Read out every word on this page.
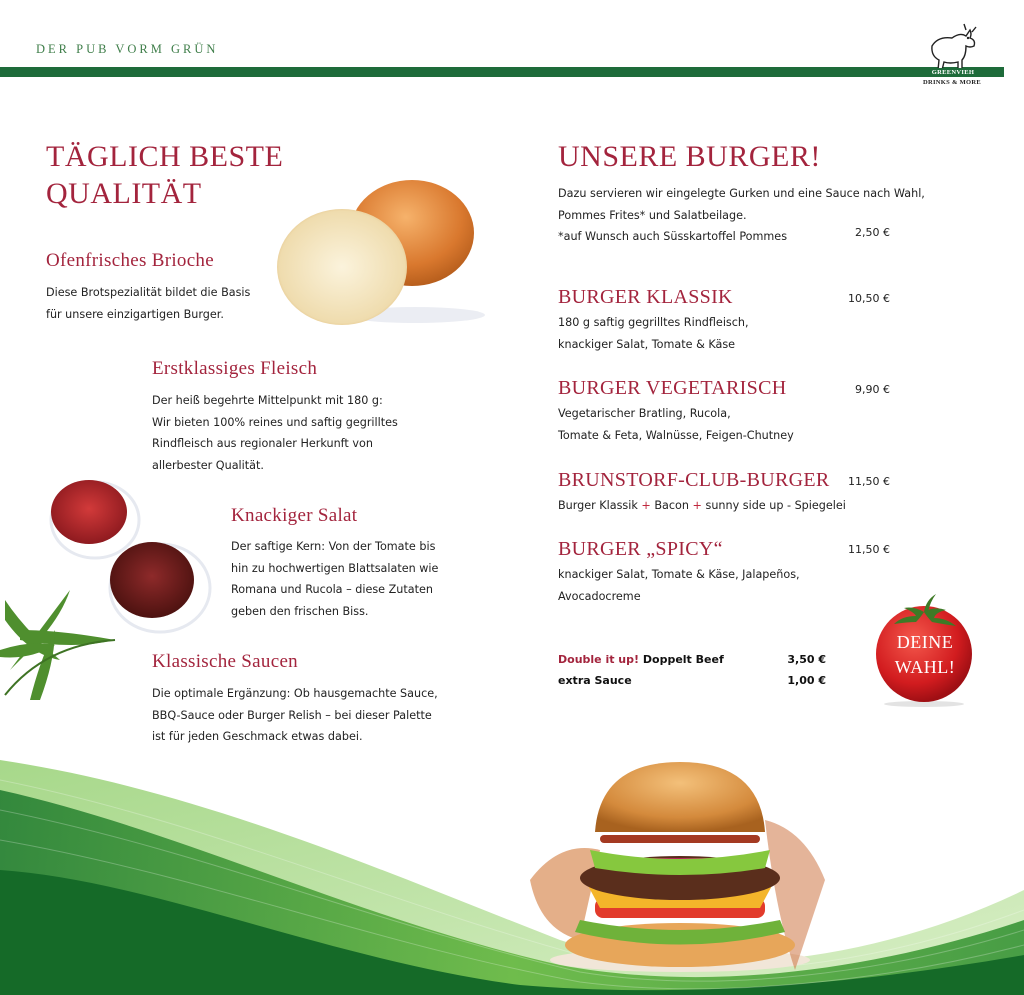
DER PUB VORM GRÜN
GREENVIEH
DRINKS & MORE
TÄGLICH BESTE
QUALITÄT
Ofenfrisches Brioche
Diese Brotspezialität bildet die Basis
für unsere einzigartigen Burger.
Erstklassiges Fleisch
Der heiß begehrte Mittelpunkt mit 180 g:
Wir bieten 100% reines und saftig gegrilltes
Rindfleisch aus regionaler Herkunft von
allerbester Qualität.
Knackiger Salat
Der saftige Kern: Von der Tomate bis
hin zu hochwertigen Blattsalaten wie
Romana und Rucola – diese Zutaten
geben den frischen Biss.
Klassische Saucen
Die optimale Ergänzung: Ob hausgemachte Sauce,
BBQ-Sauce oder Burger Relish – bei dieser Palette
ist für jeden Geschmack etwas dabei.
UNSERE BURGER!
Dazu servieren wir eingelegte Gurken und eine Sauce nach Wahl,
Pommes Frites* und Salatbeilage.
*auf Wunsch auch Süsskartoffel Pommes	2,50 €
BURGER KLASSIK	10,50 €
180 g saftig gegrilltes Rindfleisch,
knackiger Salat, Tomate & Käse
BURGER VEGETARISCH	9,90 €
Vegetarischer Bratling, Rucola,
Tomate & Feta, Walnüsse, Feigen-Chutney
BRUNSTORF-CLUB-BURGER	11,50 €
Burger Klassik + Bacon + sunny side up - Spiegelei
BURGER „SPICY“	11,50 €
knackiger Salat, Tomate & Käse, Jalapeños,
Avocadocreme
Double it up! Doppelt Beef	3,50 €
extra Sauce	1,00 €
DEINE
WAHL!
